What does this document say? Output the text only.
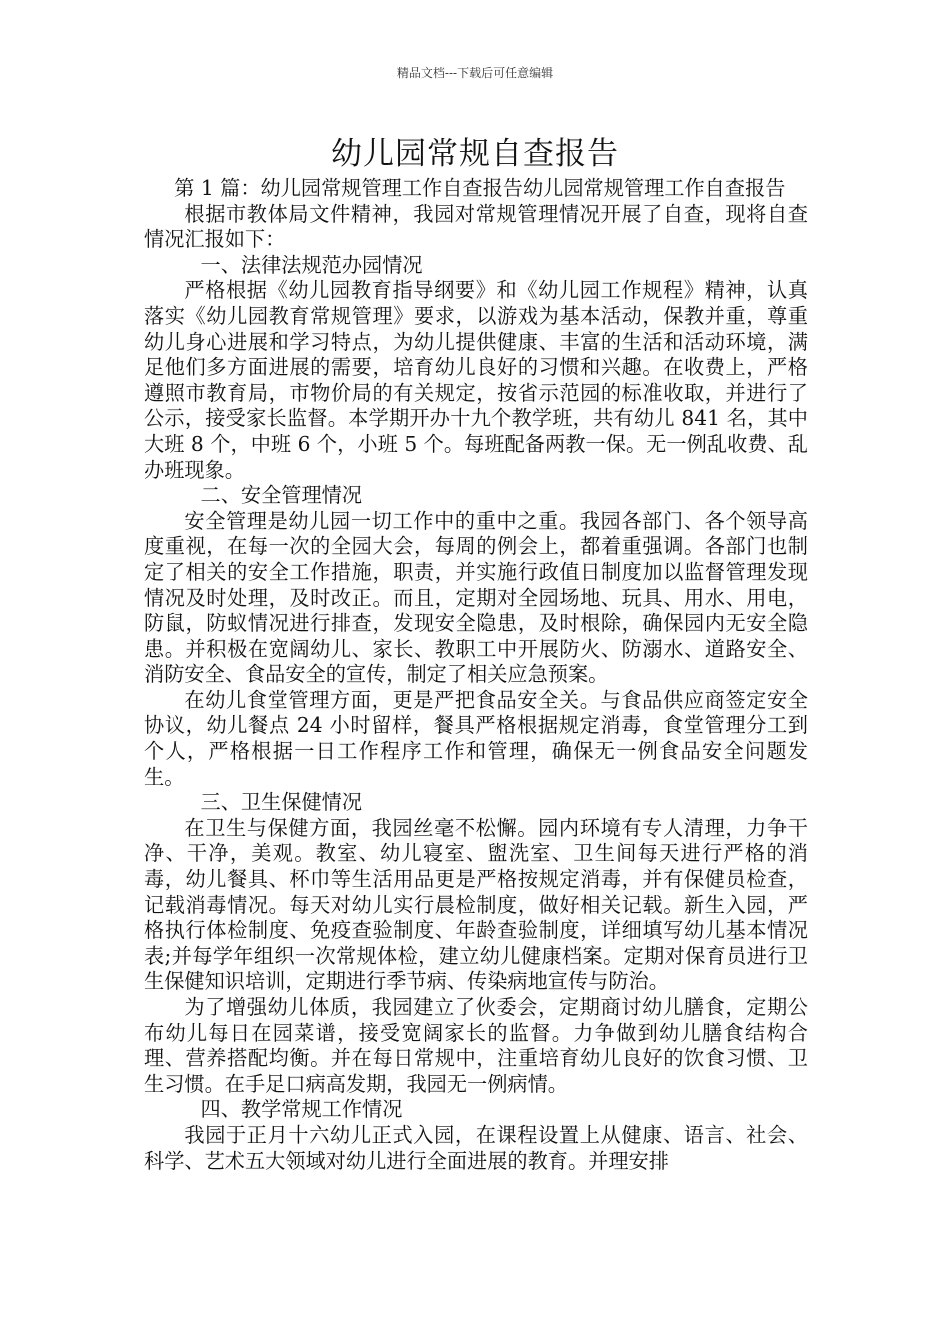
精品文档---下载后可任意编辑
幼儿园常规自查报告

第 1 篇：幼儿园常规管理工作自查报告幼儿园常规管理工作自查报告

根据市教体局文件精神，我园对常规管理情况开展了自查，现将自查情况汇报如下：

一、法律法规范办园情况

严格根据《幼儿园教育指导纲要》和《幼儿园工作规程》精神，认真落实《幼儿园教育常规管理》要求，以游戏为基本活动，保教并重，尊重幼儿身心进展和学习特点，为幼儿提供健康、丰富的生活和活动环境，满足他们多方面进展的需要，培育幼儿良好的习惯和兴趣。在收费上，严格遵照市教育局，市物价局的有关规定，按省示范园的标准收取，并进行了公示，接受家长监督。本学期开办十九个教学班，共有幼儿 841 名，其中大班 8 个，中班 6 个，小班 5 个。每班配备两教一保。无一例乱收费、乱办班现象。

二、安全管理情况

安全管理是幼儿园一切工作中的重中之重。我园各部门、各个领导高度重视，在每一次的全园大会，每周的例会上，都着重强调。各部门也制定了相关的安全工作措施，职责，并实施行政值日制度加以监督管理发现情况及时处理，及时改正。而且，定期对全园场地、玩具、用水、用电，防鼠，防蚁情况进行排查，发现安全隐患，及时根除，确保园内无安全隐患。并积极在宽阔幼儿、家长、教职工中开展防火、防溺水、道路安全、消防安全、食品安全的宣传，制定了相关应急预案。

在幼儿食堂管理方面，更是严把食品安全关。与食品供应商签定安全协议，幼儿餐点 24 小时留样，餐具严格根据规定消毒，食堂管理分工到个人，严格根据一日工作程序工作和管理，确保无一例食品安全问题发生。

三、卫生保健情况

在卫生与保健方面，我园丝毫不松懈。园内环境有专人清理，力争干净、干净，美观。教室、幼儿寝室、盥洗室、卫生间每天进行严格的消毒，幼儿餐具、杯巾等生活用品更是严格按规定消毒，并有保健员检查，记载消毒情况。每天对幼儿实行晨检制度，做好相关记载。新生入园，严格执行体检制度、免疫查验制度、年龄查验制度，详细填写幼儿基本情况表;并每学年组织一次常规体检，建立幼儿健康档案。定期对保育员进行卫生保健知识培训，定期进行季节病、传染病地宣传与防治。

为了增强幼儿体质，我园建立了伙委会，定期商讨幼儿膳食，定期公布幼儿每日在园菜谱，接受宽阔家长的监督。力争做到幼儿膳食结构合理、营养搭配均衡。并在每日常规中，注重培育幼儿良好的饮食习惯、卫生习惯。在手足口病高发期，我园无一例病情。

四、教学常规工作情况

我园于正月十六幼儿正式入园，在课程设置上从健康、语言、社会、科学、艺术五大领域对幼儿进行全面进展的教育。并理安排
